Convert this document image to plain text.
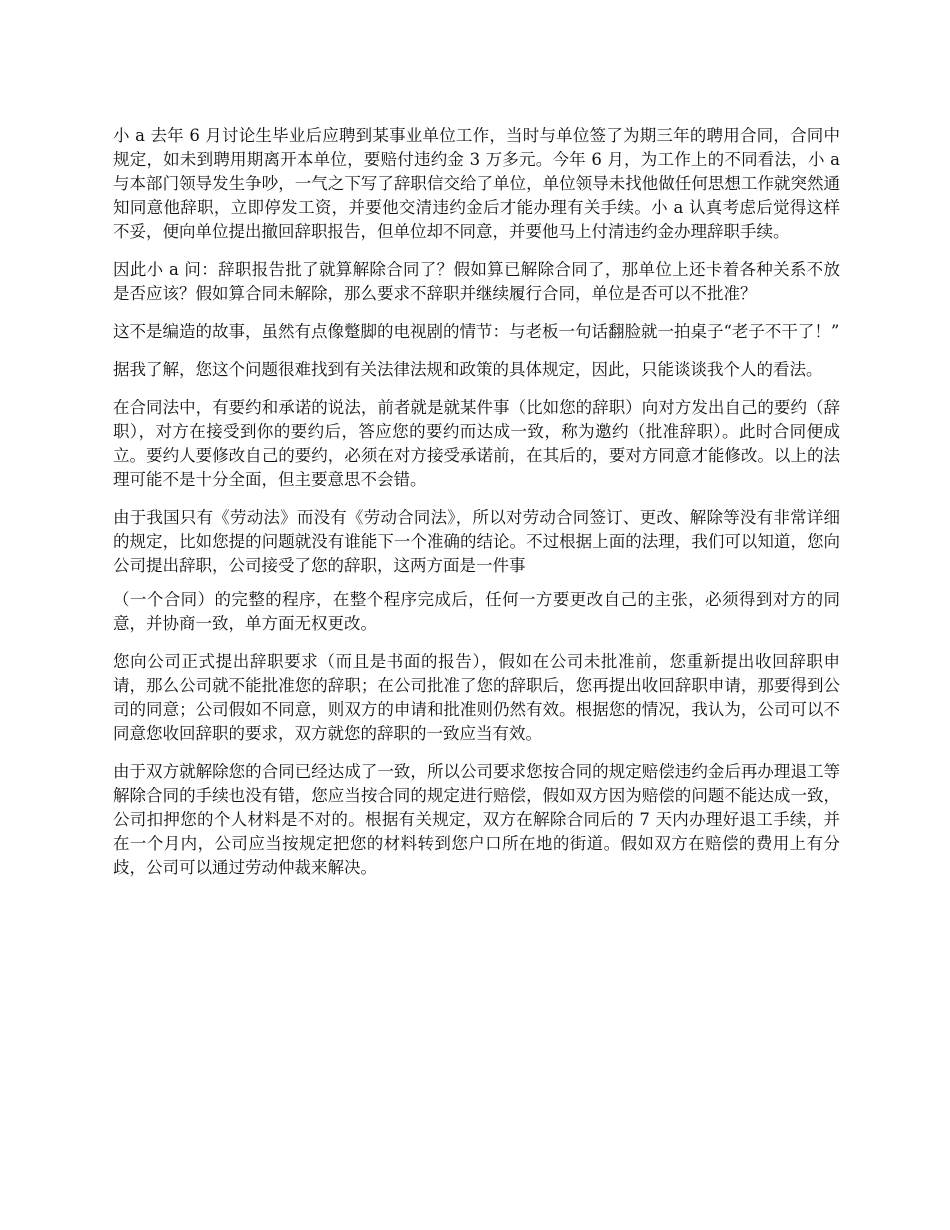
小 a 去年 6 月讨论生毕业后应聘到某事业单位工作，当时与单位签了为期三年的聘用合同，合同中规定，如未到聘用期离开本单位，要赔付违约金 3 万多元。今年 6 月，为工作上的不同看法，小 a 与本部门领导发生争吵，一气之下写了辞职信交给了单位，单位领导未找他做任何思想工作就突然通知同意他辞职，立即停发工资，并要他交清违约金后才能办理有关手续。小 a 认真考虑后觉得这样不妥，便向单位提出撤回辞职报告，但单位却不同意，并要他马上付清违约金办理辞职手续。

因此小 a 问：辞职报告批了就算解除合同了？假如算已解除合同了，那单位上还卡着各种关系不放是否应该？假如算合同未解除，那么要求不辞职并继续履行合同，单位是否可以不批准？

这不是编造的故事，虽然有点像蹩脚的电视剧的情节：与老板一句话翻脸就一拍桌子“老子不干了！”

据我了解，您这个问题很难找到有关法律法规和政策的具体规定，因此，只能谈谈我个人的看法。

在合同法中，有要约和承诺的说法，前者就是就某件事（比如您的辞职）向对方发出自己的要约（辞职），对方在接受到你的要约后，答应您的要约而达成一致，称为邀约（批准辞职）。此时合同便成立。要约人要修改自己的要约，必须在对方接受承诺前，在其后的，要对方同意才能修改。以上的法理可能不是十分全面，但主要意思不会错。

由于我国只有《劳动法》而没有《劳动合同法》，所以对劳动合同签订、更改、解除等没有非常详细的规定，比如您提的问题就没有谁能下一个准确的结论。不过根据上面的法理，我们可以知道，您向公司提出辞职，公司接受了您的辞职，这两方面是一件事

（一个合同）的完整的程序，在整个程序完成后，任何一方要更改自己的主张，必须得到对方的同意，并协商一致，单方面无权更改。

您向公司正式提出辞职要求（而且是书面的报告），假如在公司未批准前，您重新提出收回辞职申请，那么公司就不能批准您的辞职；在公司批准了您的辞职后，您再提出收回辞职申请，那要得到公司的同意；公司假如不同意，则双方的申请和批准则仍然有效。根据您的情况，我认为，公司可以不同意您收回辞职的要求，双方就您的辞职的一致应当有效。

由于双方就解除您的合同已经达成了一致，所以公司要求您按合同的规定赔偿违约金后再办理退工等解除合同的手续也没有错，您应当按合同的规定进行赔偿，假如双方因为赔偿的问题不能达成一致，公司扣押您的个人材料是不对的。根据有关规定，双方在解除合同后的 7 天内办理好退工手续，并在一个月内，公司应当按规定把您的材料转到您户口所在地的街道。假如双方在赔偿的费用上有分歧，公司可以通过劳动仲裁来解决。
